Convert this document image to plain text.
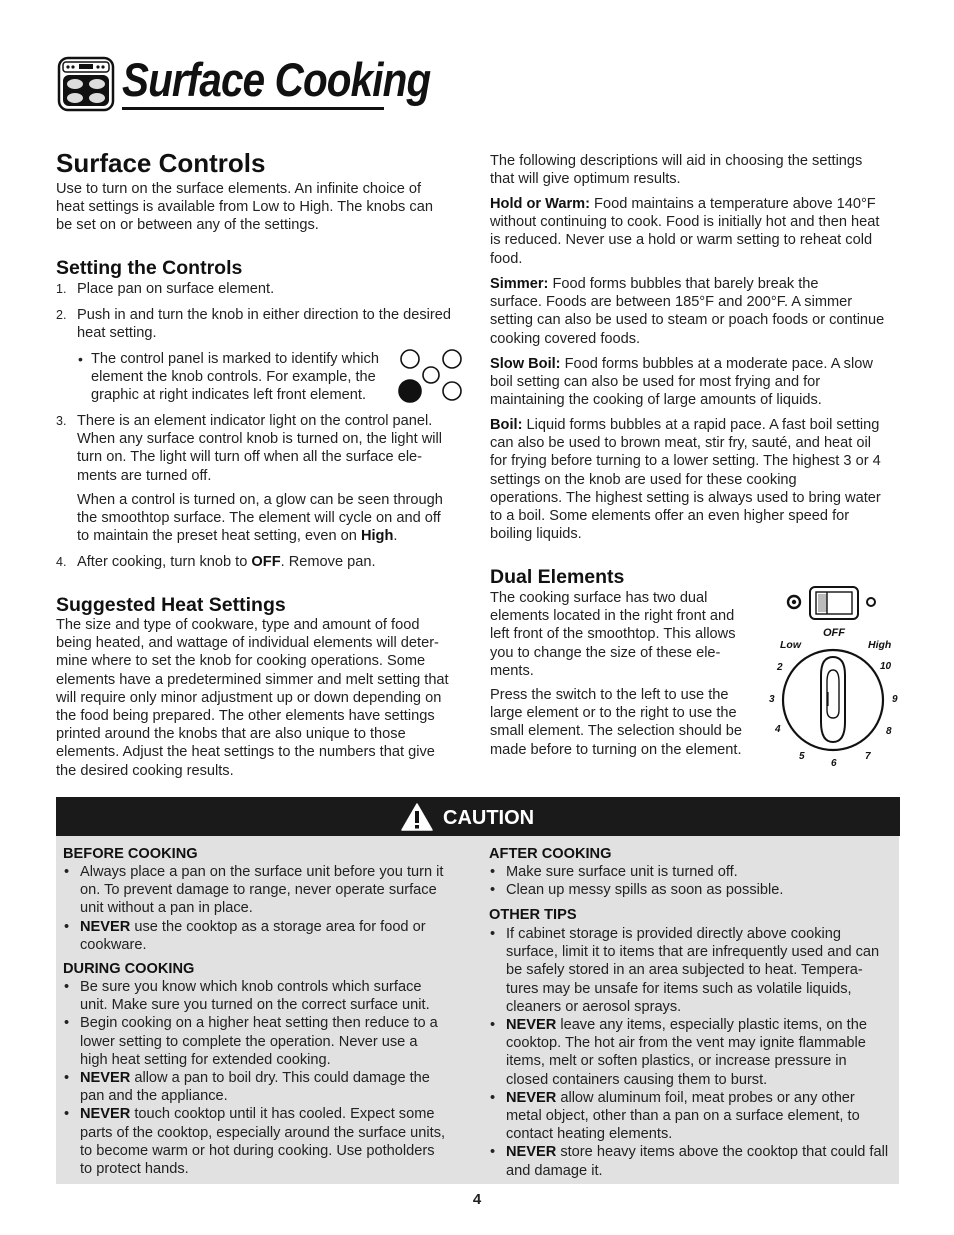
Surface Cooking
Surface Controls

Use to turn on the surface elements. An infinite choice of
heat settings is available from Low to High. The knobs can
be set on or between any of the settings.

Setting the Controls
1. Place pan on surface element.
2. Push in and turn the knob in either direction to the desired
heat setting.
• The control panel is marked to identify which
element the knob controls. For example, the
graphic at right indicates left front element.
3. There is an element indicator light on the control panel.
When any surface control knob is turned on, the light will
turn on. The light will turn off when all the surface ele-
ments are turned off.
When a control is turned on, a glow can be seen through
the smoothtop surface. The element will cycle on and off
to maintain the preset heat setting, even on High.
4. After cooking, turn knob to OFF. Remove pan.
Suggested Heat Settings

The size and type of cookware, type and amount of food
being heated, and wattage of individual elements will deter-
mine where to set the knob for cooking operations. Some
elements have a predetermined simmer and melt setting that
will require only minor adjustment up or down depending on
the food being prepared. The other elements have settings
printed around the knobs that are also unique to those
elements. Adjust the heat settings to the numbers that give
the desired cooking results.

The following descriptions will aid in choosing the settings
that will give optimum results.

Hold or Warm: Food maintains a temperature above 140°F
without continuing to cook. Food is initially hot and then heat
is reduced. Never use a hold or warm setting to reheat cold
food.

Simmer: Food forms bubbles that barely break the
surface. Foods are between 185°F and 200°F. A simmer
setting can also be used to steam or poach foods or continue
cooking covered foods.

Slow Boil: Food forms bubbles at a moderate pace. A slow
boil setting can also be used for most frying and for
maintaining the cooking of large amounts of liquids.

Boil: Liquid forms bubbles at a rapid pace. A fast boil setting
can also be used to brown meat, stir fry, sauté, and heat oil
for frying before turning to a lower setting. The highest 3 or 4
settings on the knob are used for these cooking
operations. The highest setting is always used to bring water
to a boil. Some elements offer an even higher speed for
boiling liquids.

Dual Elements

The cooking surface has two dual
elements located in the right front and
left front of the smoothtop. This allows
you to change the size of these ele-
ments.

Press the switch to the left to use the
large element or to the right to use the
small element. The selection should be
made before to turning on the element.

OFF
Low	High
2
3
4
5
6
7
8
9
10
CAUTION
BEFORE COOKING
• Always place a pan on the surface unit before you turn it
on. To prevent damage to range, never operate surface
unit without a pan in place.
• NEVER use the cooktop as a storage area for food or
cookware.
DURING COOKING
• Be sure you know which knob controls which surface
unit. Make sure you turned on the correct surface unit.
• Begin cooking on a higher heat setting then reduce to a
lower setting to complete the operation. Never use a
high heat setting for extended cooking.
• NEVER allow a pan to boil dry. This could damage the
pan and the appliance.
• NEVER touch cooktop until it has cooled. Expect some
parts of the cooktop, especially around the surface units,
to become warm or hot during cooking. Use potholders
to protect hands.
AFTER COOKING
• Make sure surface unit is turned off.
• Clean up messy spills as soon as possible.
OTHER TIPS
• If cabinet storage is provided directly above cooking
surface, limit it to items that are infrequently used and can
be safely stored in an area subjected to heat. Tempera-
tures may be unsafe for items such as volatile liquids,
cleaners or aerosol sprays.
• NEVER leave any items, especially plastic items, on the
cooktop. The hot air from the vent may ignite flammable
items, melt or soften plastics, or increase pressure in
closed containers causing them to burst.
• NEVER allow aluminum foil, meat probes or any other
metal object, other than a pan on a surface element, to
contact heating elements.
• NEVER store heavy items above the cooktop that could fall
and damage it.
4
